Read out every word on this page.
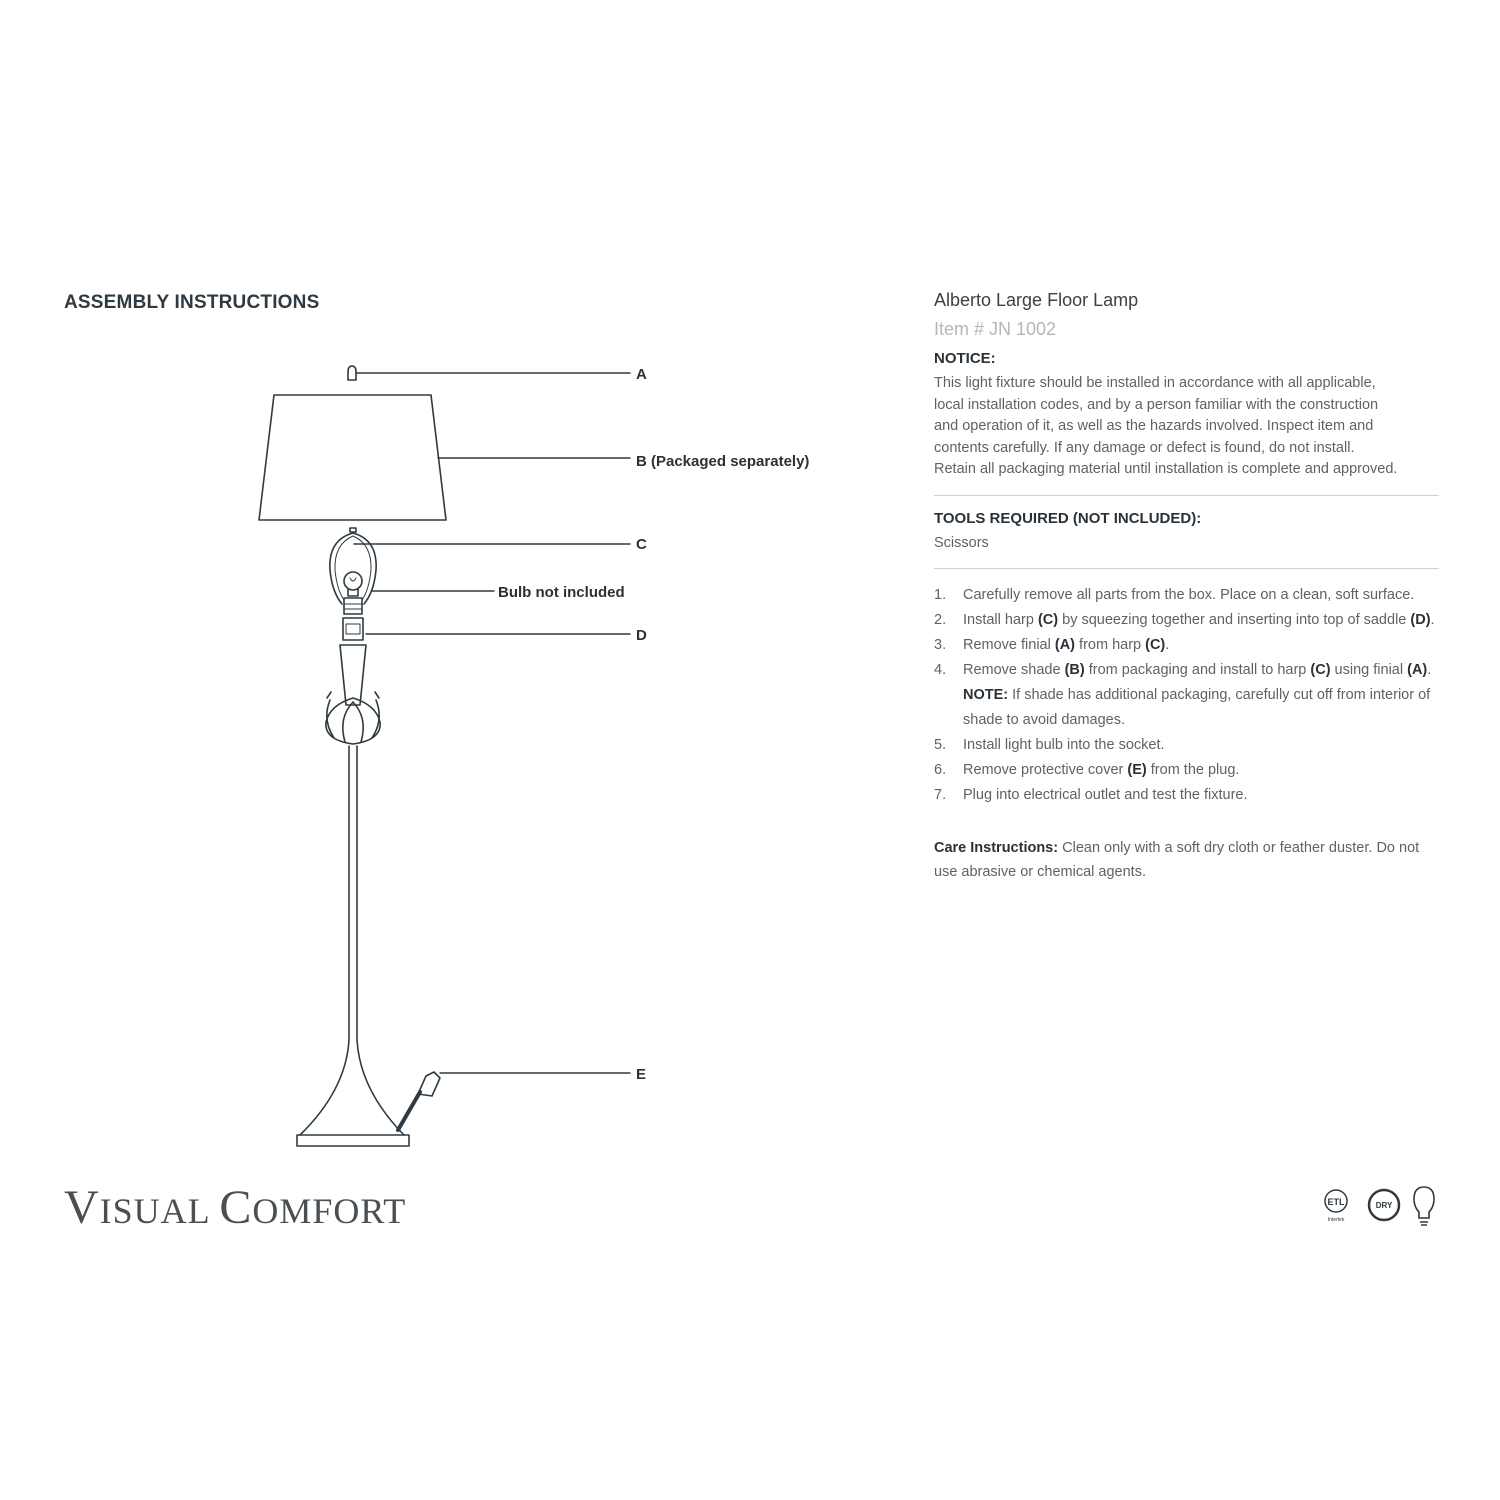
ASSEMBLY INSTRUCTIONS
A
B (Packaged separately)
C
Bulb not included
D
E
Alberto Large Floor Lamp
Item # JN 1002
NOTICE:
This light fixture should be installed in accordance with all applicable,
local installation codes, and by a person familiar with the construction
and operation of it, as well as the hazards involved. Inspect item and
contents carefully. If any damage or defect is found, do not install.
Retain all packaging material until installation is complete and approved.
TOOLS REQUIRED (NOT INCLUDED):
Scissors
1.	Carefully remove all parts from the box. Place on a clean, soft surface.
2.	Install harp (C) by squeezing together and inserting into top of saddle (D).
3.	Remove finial (A) from harp (C).
4.	Remove shade (B) from packaging and install to harp (C) using finial (A).
NOTE: If shade has additional packaging, carefully cut off from interior of shade to avoid damages.
5.	Install light bulb into the socket.
6.	Remove protective cover (E) from the plug.
7.	Plug into electrical outlet and test the fixture.
Care Instructions: Clean only with a soft dry cloth or feather duster. Do not use abrasive or chemical agents.
VISUAL COMFORT	ETL
Intertek
DRY
